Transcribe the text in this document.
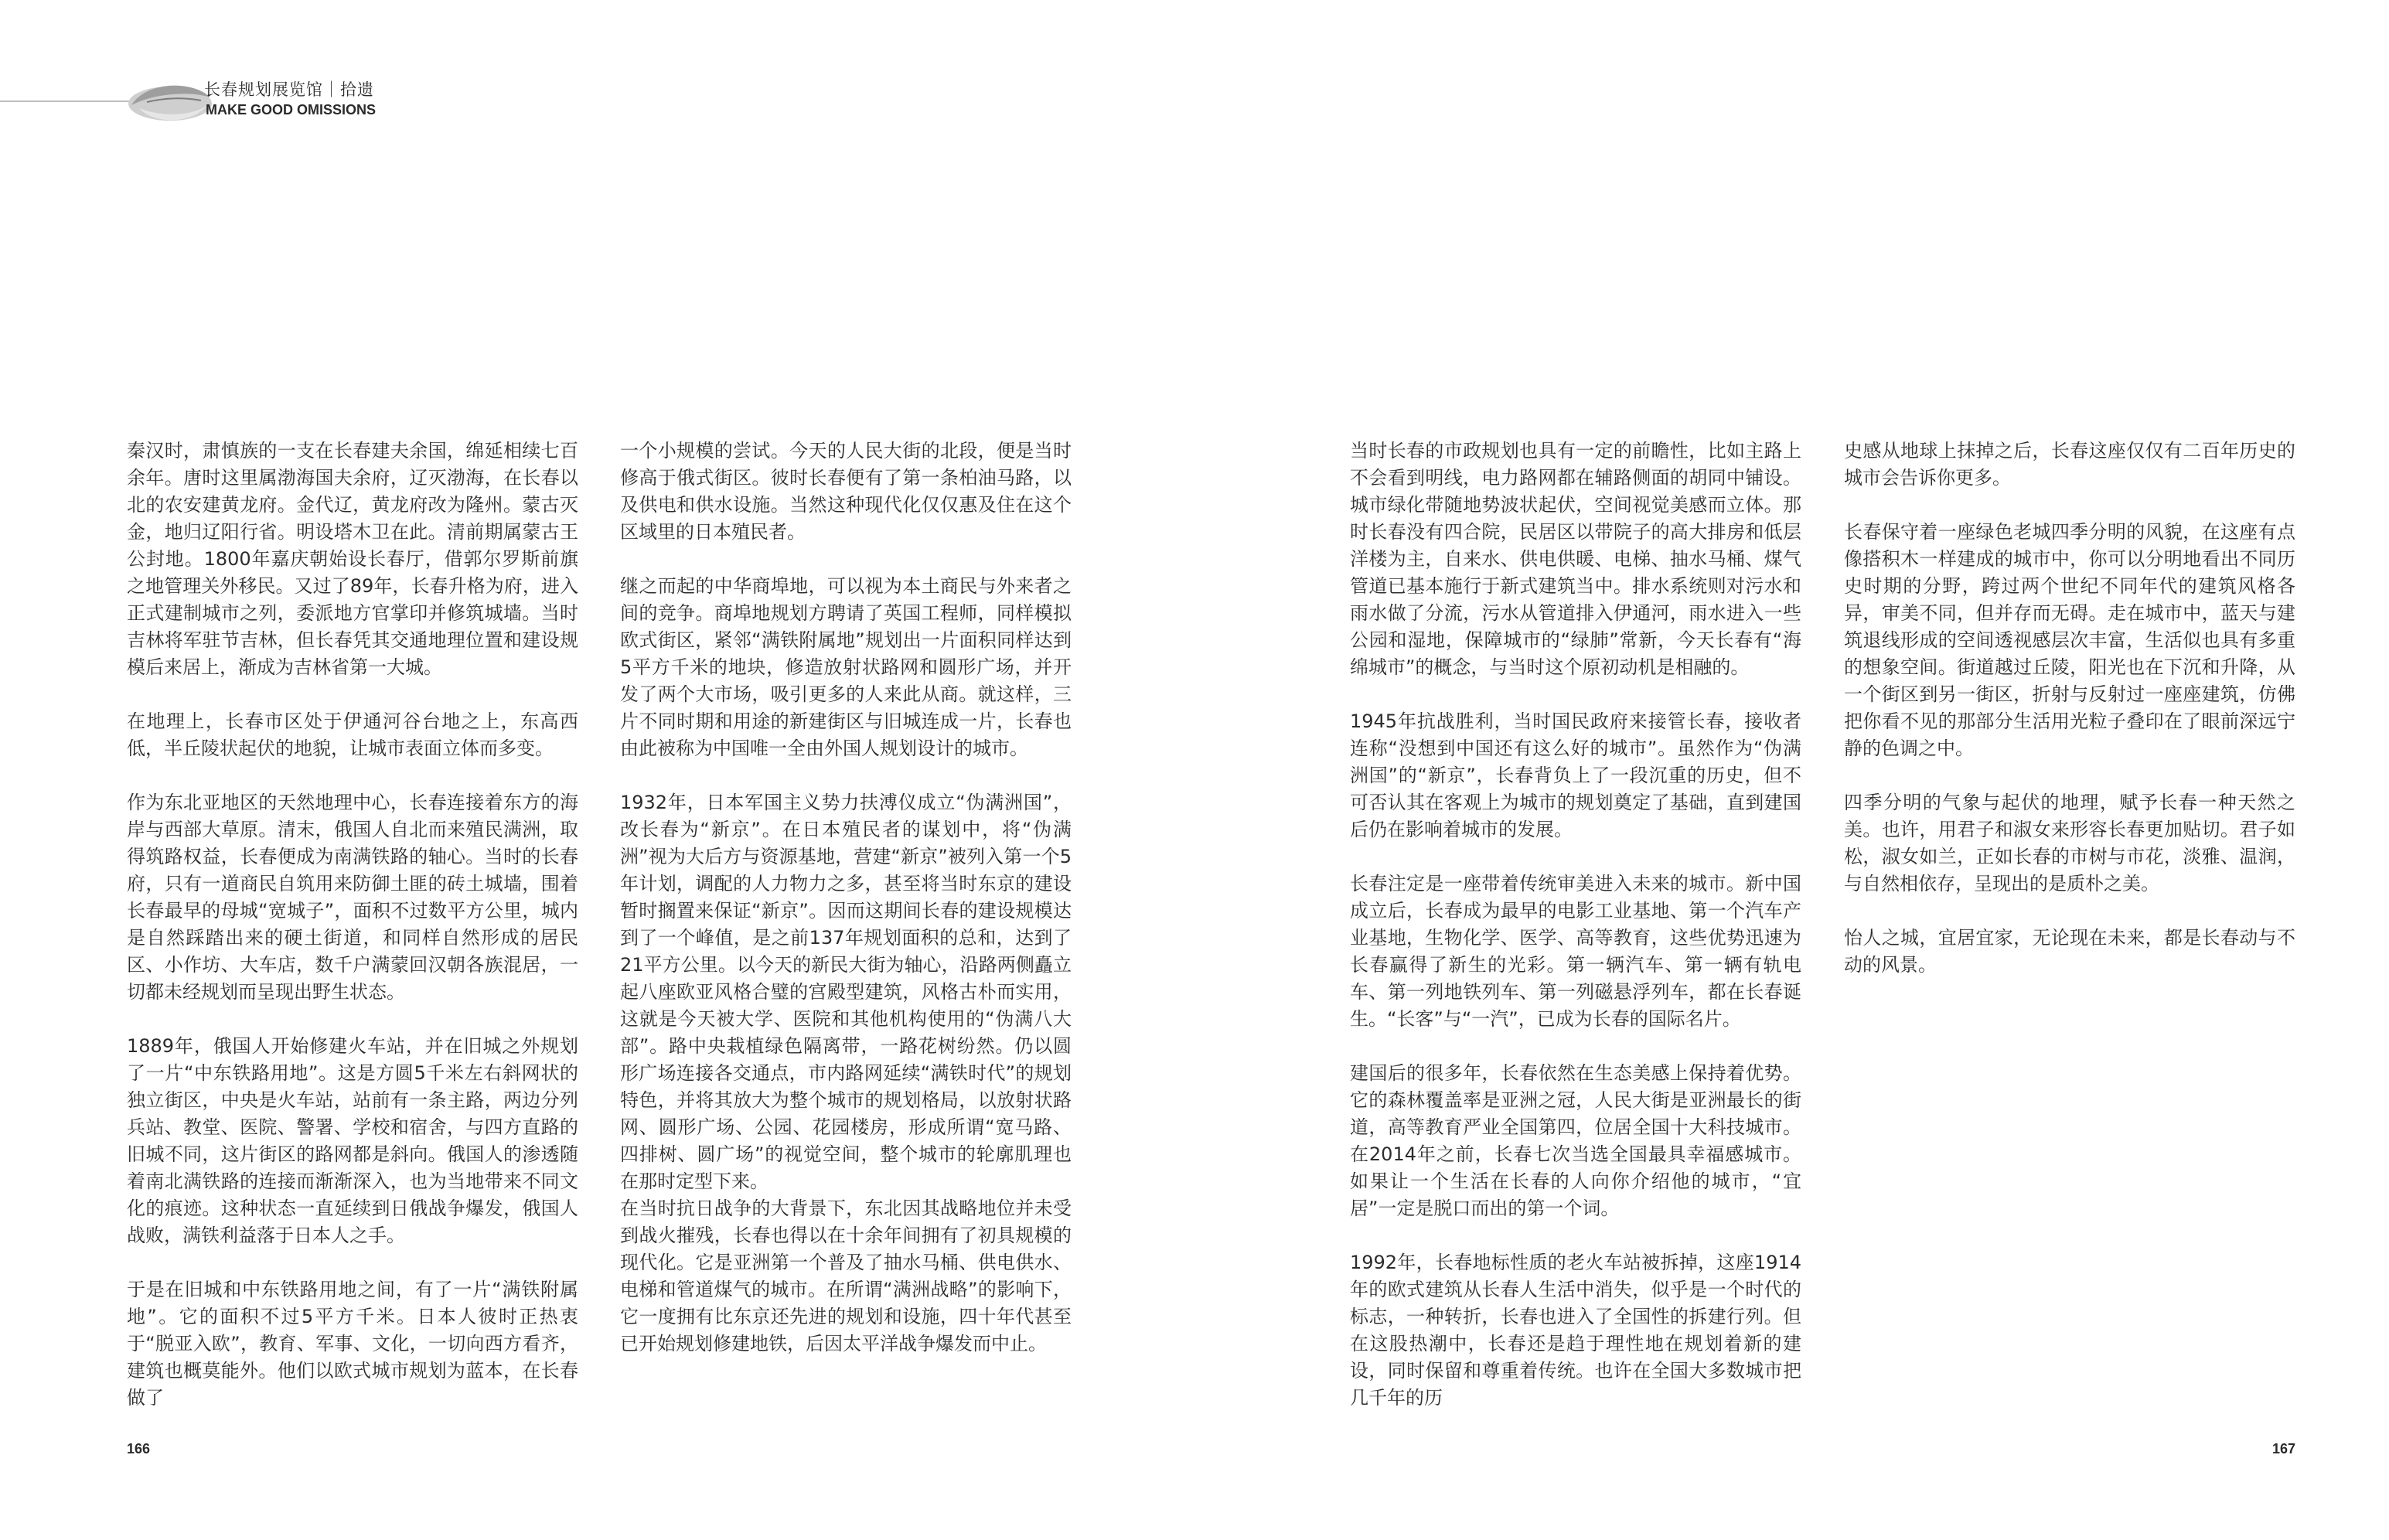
长春规划展览馆｜拾遗
MAKE GOOD OMISSIONS

秦汉时，肃慎族的一支在长春建夫余国，绵延相续七百余年。唐时这里属渤海国夫余府，辽灭渤海，在长春以北的农安建黄龙府。金代辽，黄龙府改为隆州。蒙古灭金，地归辽阳行省。明设塔木卫在此。清前期属蒙古王公封地。1800年嘉庆朝始设长春厅，借郭尔罗斯前旗之地管理关外移民。又过了89年，长春升格为府，进入正式建制城市之列，委派地方官掌印并修筑城墙。当时吉林将军驻节吉林，但长春凭其交通地理位置和建设规模后来居上，渐成为吉林省第一大城。

在地理上，长春市区处于伊通河谷台地之上，东高西低，半丘陵状起伏的地貌，让城市表面立体而多变。

作为东北亚地区的天然地理中心，长春连接着东方的海岸与西部大草原。清末，俄国人自北而来殖民满洲，取得筑路权益，长春便成为南满铁路的轴心。当时的长春府，只有一道商民自筑用来防御土匪的砖土城墙，围着长春最早的母城“宽城子”，面积不过数平方公里，城内是自然踩踏出来的硬土街道，和同样自然形成的居民区、小作坊、大车店，数千户满蒙回汉朝各族混居，一切都未经规划而呈现出野生状态。

1889年，俄国人开始修建火车站，并在旧城之外规划了一片“中东铁路用地”。这是方圆5千米左右斜网状的独立街区，中央是火车站，站前有一条主路，两边分列兵站、教堂、医院、警署、学校和宿舍，与四方直路的旧城不同，这片街区的路网都是斜向。俄国人的渗透随着南北满铁路的连接而渐渐深入，也为当地带来不同文化的痕迹。这种状态一直延续到日俄战争爆发，俄国人战败，满铁利益落于日本人之手。

于是在旧城和中东铁路用地之间，有了一片“满铁附属地”。它的面积不过5平方千米。日本人彼时正热衷于“脱亚入欧”，教育、军事、文化，一切向西方看齐，建筑也概莫能外。他们以欧式城市规划为蓝本，在长春做了

一个小规模的尝试。今天的人民大街的北段，便是当时修高于俄式街区。彼时长春便有了第一条柏油马路，以及供电和供水设施。当然这种现代化仅仅惠及住在这个区域里的日本殖民者。

继之而起的中华商埠地，可以视为本土商民与外来者之间的竞争。商埠地规划方聘请了英国工程师，同样模拟欧式街区，紧邻“满铁附属地”规划出一片面积同样达到5平方千米的地块，修造放射状路网和圆形广场，并开发了两个大市场，吸引更多的人来此从商。就这样，三片不同时期和用途的新建街区与旧城连成一片，长春也由此被称为中国唯一全由外国人规划设计的城市。

1932年，日本军国主义势力扶溥仪成立“伪满洲国”，改长春为“新京”。在日本殖民者的谋划中，将“伪满洲”视为大后方与资源基地，营建“新京”被列入第一个5年计划，调配的人力物力之多，甚至将当时东京的建设暂时搁置来保证“新京”。因而这期间长春的建设规模达到了一个峰值，是之前137年规划面积的总和，达到了21平方公里。以今天的新民大街为轴心，沿路两侧矗立起八座欧亚风格合璧的宫殿型建筑，风格古朴而实用，这就是今天被大学、医院和其他机构使用的“伪满八大部”。路中央栽植绿色隔离带，一路花树纷然。仍以圆形广场连接各交通点，市内路网延续“满铁时代”的规划特色，并将其放大为整个城市的规划格局，以放射状路网、圆形广场、公园、花园楼房，形成所谓“宽马路、四排树、圆广场”的视觉空间，整个城市的轮廓肌理也在那时定型下来。

在当时抗日战争的大背景下，东北因其战略地位并未受到战火摧残，长春也得以在十余年间拥有了初具规模的现代化。它是亚洲第一个普及了抽水马桶、供电供水、电梯和管道煤气的城市。在所谓“满洲战略”的影响下，它一度拥有比东京还先进的规划和设施，四十年代甚至已开始规划修建地铁，后因太平洋战争爆发而中止。

当时长春的市政规划也具有一定的前瞻性，比如主路上不会看到明线，电力路网都在辅路侧面的胡同中铺设。城市绿化带随地势波状起伏，空间视觉美感而立体。那时长春没有四合院，民居区以带院子的高大排房和低层洋楼为主，自来水、供电供暖、电梯、抽水马桶、煤气管道已基本施行于新式建筑当中。排水系统则对污水和雨水做了分流，污水从管道排入伊通河，雨水进入一些公园和湿地，保障城市的“绿肺”常新，今天长春有“海绵城市”的概念，与当时这个原初动机是相融的。

1945年抗战胜利，当时国民政府来接管长春，接收者连称“没想到中国还有这么好的城市”。虽然作为“伪满洲国”的“新京”，长春背负上了一段沉重的历史，但不可否认其在客观上为城市的规划奠定了基础，直到建国后仍在影响着城市的发展。

长春注定是一座带着传统审美进入未来的城市。新中国成立后，长春成为最早的电影工业基地、第一个汽车产业基地，生物化学、医学、高等教育，这些优势迅速为长春赢得了新生的光彩。第一辆汽车、第一辆有轨电车、第一列地铁列车、第一列磁悬浮列车，都在长春诞生。“长客”与“一汽”，已成为长春的国际名片。

建国后的很多年，长春依然在生态美感上保持着优势。它的森林覆盖率是亚洲之冠，人民大街是亚洲最长的街道，高等教育严业全国第四，位居全国十大科技城市。在2014年之前，长春七次当选全国最具幸福感城市。如果让一个生活在长春的人向你介绍他的城市，“宜居”一定是脱口而出的第一个词。

1992年，长春地标性质的老火车站被拆掉，这座1914年的欧式建筑从长春人生活中消失，似乎是一个时代的标志，一种转折，长春也进入了全国性的拆建行列。但在这股热潮中，长春还是趋于理性地在规划着新的建设，同时保留和尊重着传统。也许在全国大多数城市把几千年的历

史感从地球上抹掉之后，长春这座仅仅有二百年历史的城市会告诉你更多。

长春保守着一座绿色老城四季分明的风貌，在这座有点像搭积木一样建成的城市中，你可以分明地看出不同历史时期的分野，跨过两个世纪不同年代的建筑风格各异，审美不同，但并存而无碍。走在城市中，蓝天与建筑退线形成的空间透视感层次丰富，生活似也具有多重的想象空间。街道越过丘陵，阳光也在下沉和升降，从一个街区到另一街区，折射与反射过一座座建筑，仿佛把你看不见的那部分生活用光粒子叠印在了眼前深远宁静的色调之中。

四季分明的气象与起伏的地理，赋予长春一种天然之美。也许，用君子和淑女来形容长春更加贴切。君子如松，淑女如兰，正如长春的市树与市花，淡雅、温润，与自然相依存，呈现出的是质朴之美。

怡人之城，宜居宜家，无论现在未来，都是长春动与不动的风景。

166	167
